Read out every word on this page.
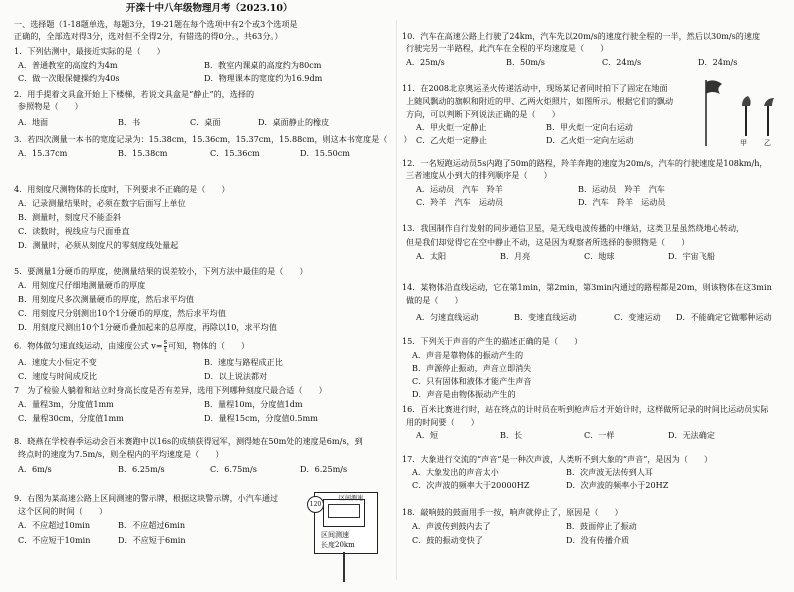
开滦十中八年级物理月考（2023.10）
一、选择题（1-18题单选，每题3分，19-21题在每个选项中有2个或3个选项是
正确的，全部选对得3分，选对但不全得2分，有错选的得0分。，共63分。）
1．下列估测中，最接近实际的是（　　）
A．普通教室的高度约为4m	B．教室内课桌的高度约为80cm
C．做一次眼保健操约为40s	D．物理课本的宽度约为16.9dm
2．用手提着文具盒开始上下楼梯，若说文具盒是“静止”的，选择的
参照物是（　　）
A．地面	B．书	C．桌面	D．桌面静止的橡皮
3．若四次测量一本书的宽度记录为：15.38cm，15.36cm，15.37cm，15.88cm，则这本书宽度是（　　）
A．15.37cm	B．15.38cm	C．15.36cm	D．15.50cm
4．用刻度尺测物体的长度时，下列要求不正确的是（　　）
A．记录测量结果时，必须在数字后面写上单位
B．测量时，刻度尺不能歪斜
C．读数时，视线应与尺面垂直
D．测量时，必须从刻度尺的零刻度线处量起
5．要测量1分硬币的厚度，使测量结果的误差较小，下列方法中最佳的是（　　）
A．用刻度尺仔细地测量硬币的厚度
B．用刻度尺多次测量硬币的厚度，然后求平均值
C．用刻度尺分别测出10个1分硬币的厚度，然后求平均值
D．用刻度尺测出10个1分硬币叠加起来的总厚度，再除以10，求平均值
6．物体做匀速直线运动，由速度公式 $v= \frac{s}{t}$ 可知，物体的（　　）
A．速度大小恒定不变	B．速度与路程成正比
C．速度与时间成反比	D．以上说法都对
7　为了检验人躺着和站立时身高长度是否有差异，选用下列哪种刻度尺最合适（　　）
A．量程3m，分度值1mm	B．量程10m，分度值1dm
C．量程30cm，分度值1mm	D．量程15cm，分度值0.5mm
8．晓燕在学校春季运动会百米赛跑中以16s的成绩获得冠军，测得她在50m处的速度是6m/s，到
终点时的速度为7.5m/s，则全程内的平均速度是（　　）
A．6m/s	B．6.25m/s	C．6.75m/s	D．6.25m/s
9．右图为某高速公路上区间测速的警示牌，根据这块警示牌，小汽车通过
这个区间的时间（　　）
A．不应超过10min	B．不应超过6min
C．不应短于10min	D．不应短于6min
区间测速
区间测速
长度20km
120
10．汽车在高速公路上行驶了24km，汽车先以20m/s的速度行驶全程的一半，然后以30m/s的速度
行驶完另一半路程，此汽车在全程的平均速度是（　　）
A．25m/s	B．50m/s	C．24m/s	D．24m/s
11．在2008北京奥运圣火传递活动中，现场某记者同时拍下了固定在地面
上随风飘动的旗帜和附近的甲、乙两火炬照片，如图所示。根据它们的飘动
方向，可以判断下列说法正确的是（　　）
A．甲火炬一定静止	B．甲火炬一定向右运动
C．乙火炬一定静止	D．乙火炬一定向左运动	甲 乙
12．一名短跑运动员5s内跑了50m的路程，羚羊奔跑的速度为20m/s，汽车的行驶速度是108km/h，
三者速度从小到大的排列顺序是（　　）
A．运动员　汽车　羚羊	B．运动员　羚羊　汽车
C．羚羊　汽车　运动员	D．汽车　羚羊　运动员
13．我国制作自行发射的同步通信卫星，是无线电波传播的中继站，这类卫星虽然绕地心转动，
但是我们却觉得它在空中静止不动，这是因为观察者所选择的参照物是（　　）
A．太阳	B．月亮	C．地球	D．宇宙飞船
14．某物体沿直线运动，它在第1min，第2min，第3min内通过的路程都是20m，则该物体在这3min
做的是（　　）
A．匀速直线运动	B．变速直线运动	C．变速运动 D．不能确定它做哪种运动
15．下列关于声音的产生的描述正确的是（　　）
A．声音是靠物体的振动产生的
B．声源停止振动，声音立即消失
C．只有固体和液体才能产生声音
D．声音是由物体振动产生的
16．百米比赛进行时，站在终点的计时员在听到枪声后才开始计时，这样做所记录的时间比运动员实际
用的时间要（　　）
A．短	B．长	C．一样	D．无法确定
17．大象进行交流的“声音”是一种次声波，人类听不到大象的“声音”，是因为（　　）
A．大象发出的声音太小	B．次声波无法传到人耳
C．次声波的频率大于20000HZ	D．次声波的频率小于20HZ
18．敲响鼓的鼓面用手一按，响声就停止了，原因是（　　）
A．声波传到鼓内去了	B．鼓面停止了振动
C．鼓的振动变快了	D．没有传播介质
